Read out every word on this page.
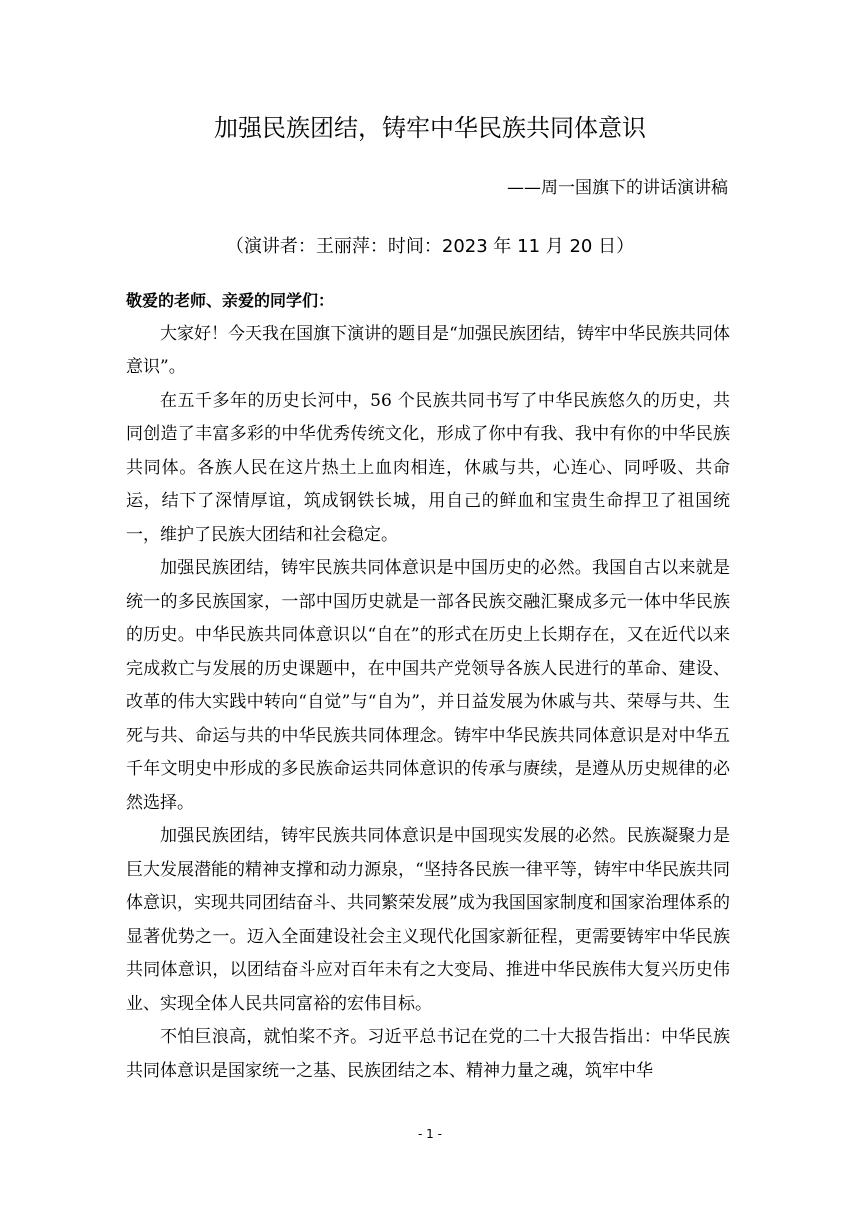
加强民族团结，铸牢中华民族共同体意识
——周一国旗下的讲话演讲稿
（演讲者：王丽萍：时间：2023 年 11 月 20 日）

敬爱的老师、亲爱的同学们：

大家好！今天我在国旗下演讲的题目是“加强民族团结，铸牢中华民族共同体意识”。

在五千多年的历史长河中，56 个民族共同书写了中华民族悠久的历史，共同创造了丰富多彩的中华优秀传统文化，形成了你中有我、我中有你的中华民族共同体。各族人民在这片热土上血肉相连，休戚与共，心连心、同呼吸、共命运，结下了深情厚谊，筑成钢铁长城，用自己的鲜血和宝贵生命捍卫了祖国统一，维护了民族大团结和社会稳定。

加强民族团结，铸牢民族共同体意识是中国历史的必然。我国自古以来就是统一的多民族国家，一部中国历史就是一部各民族交融汇聚成多元一体中华民族的历史。中华民族共同体意识以“自在”的形式在历史上长期存在，又在近代以来完成救亡与发展的历史课题中，在中国共产党领导各族人民进行的革命、建设、改革的伟大实践中转向“自觉”与“自为”，并日益发展为休戚与共、荣辱与共、生死与共、命运与共的中华民族共同体理念。铸牢中华民族共同体意识是对中华五千年文明史中形成的多民族命运共同体意识的传承与赓续，是遵从历史规律的必然选择。

加强民族团结，铸牢民族共同体意识是中国现实发展的必然。民族凝聚力是巨大发展潜能的精神支撑和动力源泉，“坚持各民族一律平等，铸牢中华民族共同体意识，实现共同团结奋斗、共同繁荣发展”成为我国国家制度和国家治理体系的显著优势之一。迈入全面建设社会主义现代化国家新征程，更需要铸牢中华民族共同体意识，以团结奋斗应对百年未有之大变局、推进中华民族伟大复兴历史伟业、实现全体人民共同富裕的宏伟目标。

不怕巨浪高，就怕桨不齐。习近平总书记在党的二十大报告指出：中华民族共同体意识是国家统一之基、民族团结之本、精神力量之魂，筑牢中华

- 1 -
